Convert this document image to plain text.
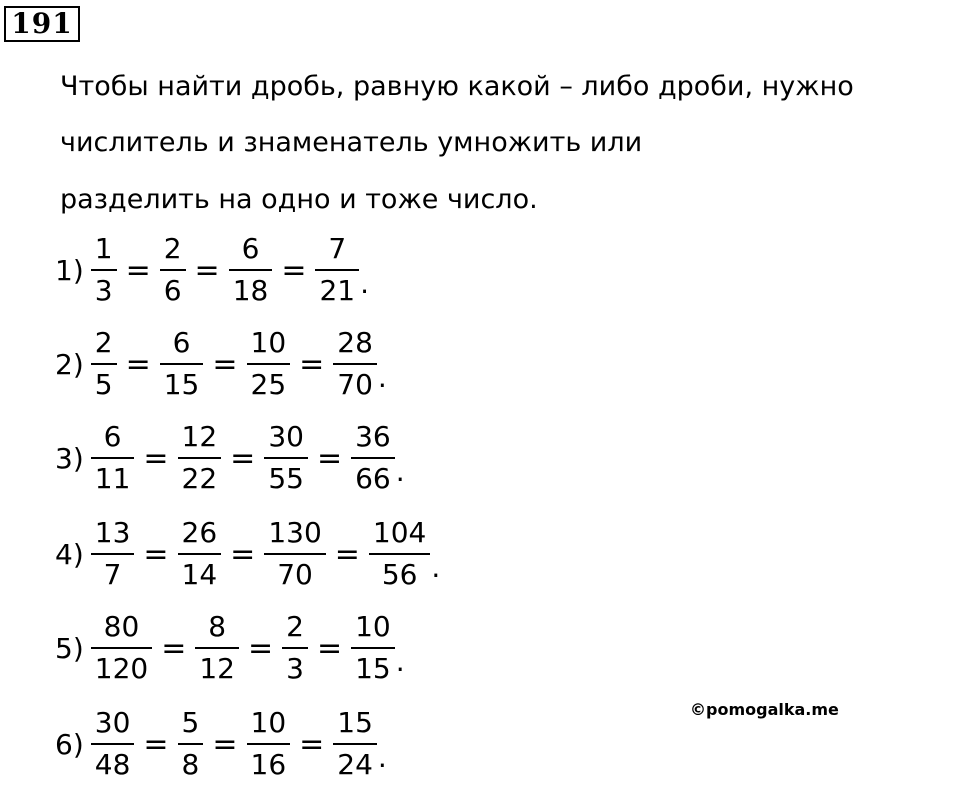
191
Чтобы найти дробь, равную какой – либо дроби, нужно
числитель и знаменатель умножить или
разделить на одно и тоже число.
$1) \frac{1}{3} = \frac{2}{6} = \frac{6}{18} = \frac{7}{21}$ .
$2) \frac{2}{5} = \frac{6}{15} = \frac{10}{25} = \frac{28}{70}$ .
$3) \frac{6}{11} = \frac{12}{22} = \frac{30}{55} = \frac{36}{66}$ .
$4) \frac{13}{7} = \frac{26}{14} = \frac{130}{70} = \frac{104}{56}$ .
$5) \frac{80}{120} = \frac{8}{12} = \frac{2}{3} = \frac{10}{15}$ .
$6) \frac{30}{48} = \frac{5}{8} = \frac{10}{16} = \frac{15}{24}$ .
©pomogalka.me
